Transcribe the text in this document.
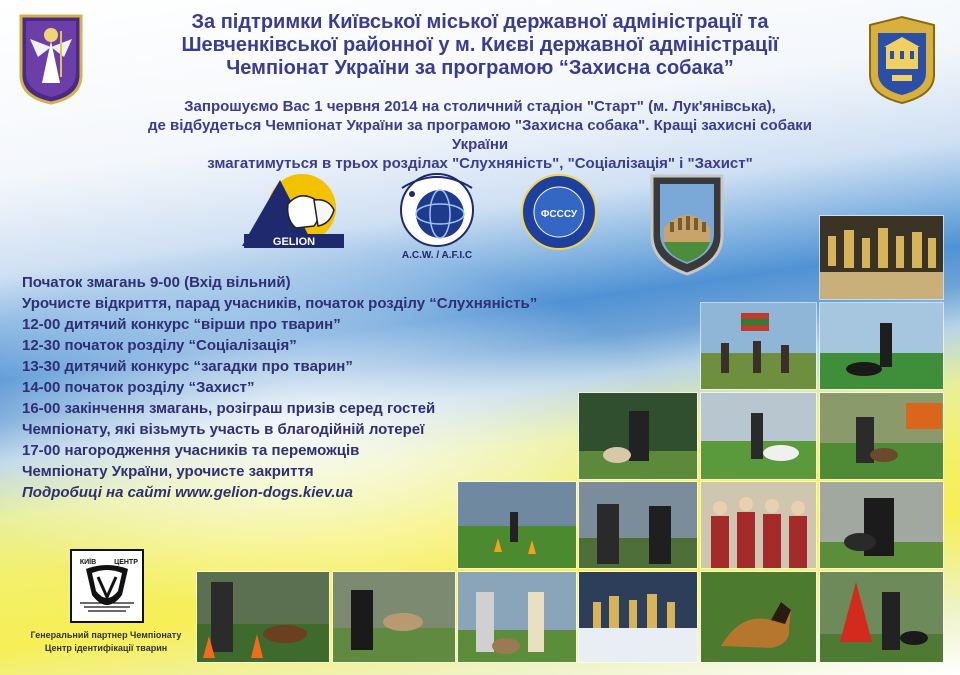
За підтримки Київської міської державної адміністрації та
Шевченківської районної у м. Києві державної адміністрації
Чемпіонат України за програмою “Захисна собака”
Запрошуємо Вас 1 червня 2014 на столичний стадіон "Старт" (м. Лук'янівська),
де відбудеться Чемпіонат України за програмою "Захисна собака". Кращі захисні собаки України
змагатимуться в трьох розділах "Слухняність", "Соціалізація" і "Захист"
GELION
A.C.W. / A.F.I.C
ФСССУ
Початок змагань 9-00 (Вхід вільний)
Урочисте відкриття, парад учасників, початок розділу “Слухняність”
12-00 дитячий конкурс “вірши про тварин”
12-30 початок розділу “Соціалізація”
13-30 дитячий конкурс “загадки про тварин”
14-00 початок розділу “Захист”
16-00 закінчення змагань, розіграш призів серед гостей
Чемпіонату, які візьмуть участь в благодійній лотереї
17-00 нагородження учасників та переможців
Чемпіонату України, урочисте закриття
Подробиці на сайті www.gelion-dogs.kiev.ua
КИЇВ	ЦЕНТР
Генеральний партнер Чемпіонату
Центр ідентифікації тварин
